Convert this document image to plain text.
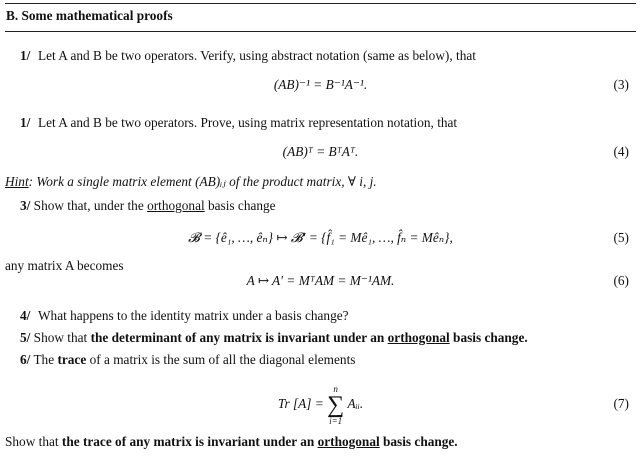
B. Some mathematical proofs
1/ Let A and B be two operators. Verify, using abstract notation (same as below), that
(AB)⁻¹ = B⁻¹A⁻¹.	(3)
1/ Let A and B be two operators. Prove, using matrix representation notation, that
(AB)ᵀ = BᵀAᵀ.	(4)
Hint: Work a single matrix element (AB)ᵢⱼ of the product matrix, ∀ i, j.
3/ Show that, under the orthogonal basis change
𝓑 = {ê₁, …, êₙ} ↦ 𝓑′ = {f̂₁ = Mê₁, …, f̂ₙ = Mêₙ},	(5)
any matrix A becomes
A ↦ A′ = MᵀAM = M⁻¹AM.	(6)
4/ What happens to the identity matrix under a basis change?
5/ Show that the determinant of any matrix is invariant under an orthogonal basis change.
6/ The trace of a matrix is the sum of all the diagonal elements
Tr [A] =
n
∑
i=1
Aᵢᵢ.	(7)
Show that the trace of any matrix is invariant under an orthogonal basis change.
